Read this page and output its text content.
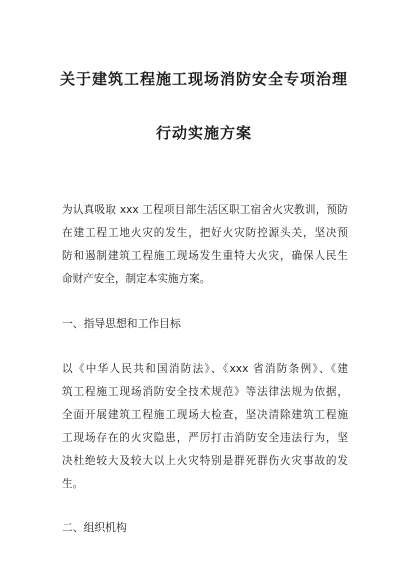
关于建筑工程施工现场消防安全专项治理
行动实施方案
为认真吸取 xxx 工程项目部生活区职工宿舍火灾教训，预防
在建工程工地火灾的发生，把好火灾防控源头关，坚决预
防和遏制建筑工程施工现场发生重特大火灾，确保人民生
命财产安全，制定本实施方案。
一、指导思想和工作目标
以《中华人民共和国消防法》、《xxx 省消防条例》、《建
筑工程施工现场消防安全技术规范》等法律法规为依据，
全面开展建筑工程施工现场大检查，坚决清除建筑工程施
工现场存在的火灾隐患，严厉打击消防安全违法行为，坚
决杜绝较大及较大以上火灾特别是群死群伤火灾事故的发
生。
二、组织机构
